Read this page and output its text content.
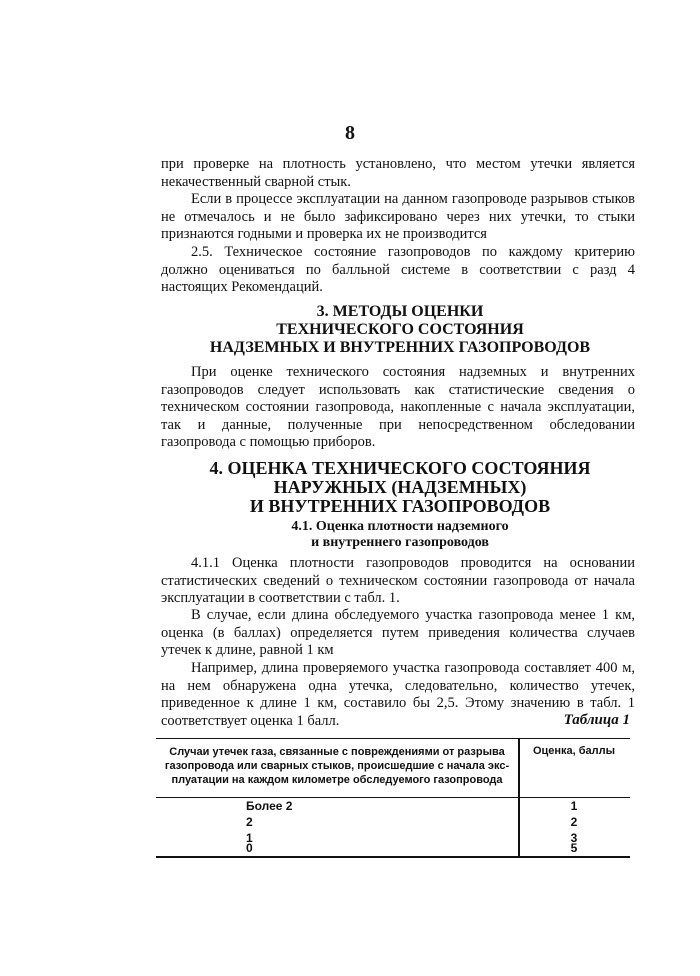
8

при проверке на плотность установлено, что местом утечки является некачественный сварной стык.

Если в процессе эксплуатации на данном газопроводе разрывов стыков не отмечалось и не было зафиксировано через них утечки, то стыки признаются годными и проверка их не производится

2.5. Техническое состояние газопроводов по каждому критерию должно оцениваться по балльной системе в соответствии с разд 4 настоящих Рекомендаций.

3. МЕТОДЫ ОЦЕНКИ
ТЕХНИЧЕСКОГО СОСТОЯНИЯ
НАДЗЕМНЫХ И ВНУТРЕННИХ ГАЗОПРОВОДОВ

При оценке технического состояния надземных и внутренних газопроводов следует использовать как статистические сведения о техническом состоянии газопровода, накопленные с начала эксплуатации, так и данные, полученные при непосредственном обследовании газопровода с помощью приборов.

4. ОЦЕНКА ТЕХНИЧЕСКОГО СОСТОЯНИЯ
НАРУЖНЫХ (НАДЗЕМНЫХ)
И ВНУТРЕННИХ ГАЗОПРОВОДОВ
4.1. Оценка плотности надземного
и внутреннего газопроводов

4.1.1 Оценка плотности газопроводов проводится на основании статистических сведений о техническом состоянии газопровода от начала эксплуатации в соответствии с табл. 1.

В случае, если длина обследуемого участка газопровода менее 1 км, оценка (в баллах) определяется путем приведения количества случаев утечек к длине, равной 1 км

Например, длина проверяемого участка газопровода составляет 400 м, на нем обнаружена одна утечка, следовательно, количество утечек, приведенное к длине 1 км, составило бы 2,5. Этому значению в табл. 1 соответствует оценка 1 балл.	Таблица 1
Случаи утечек газа, связанные с повреждениями от разрыва
газопровода или сварных стыков, происшедшие с начала экс-
плуатации на каждом километре обследуемого газопровода
Оценка, баллы
Более 2	1
2	2
1	3
0	5
